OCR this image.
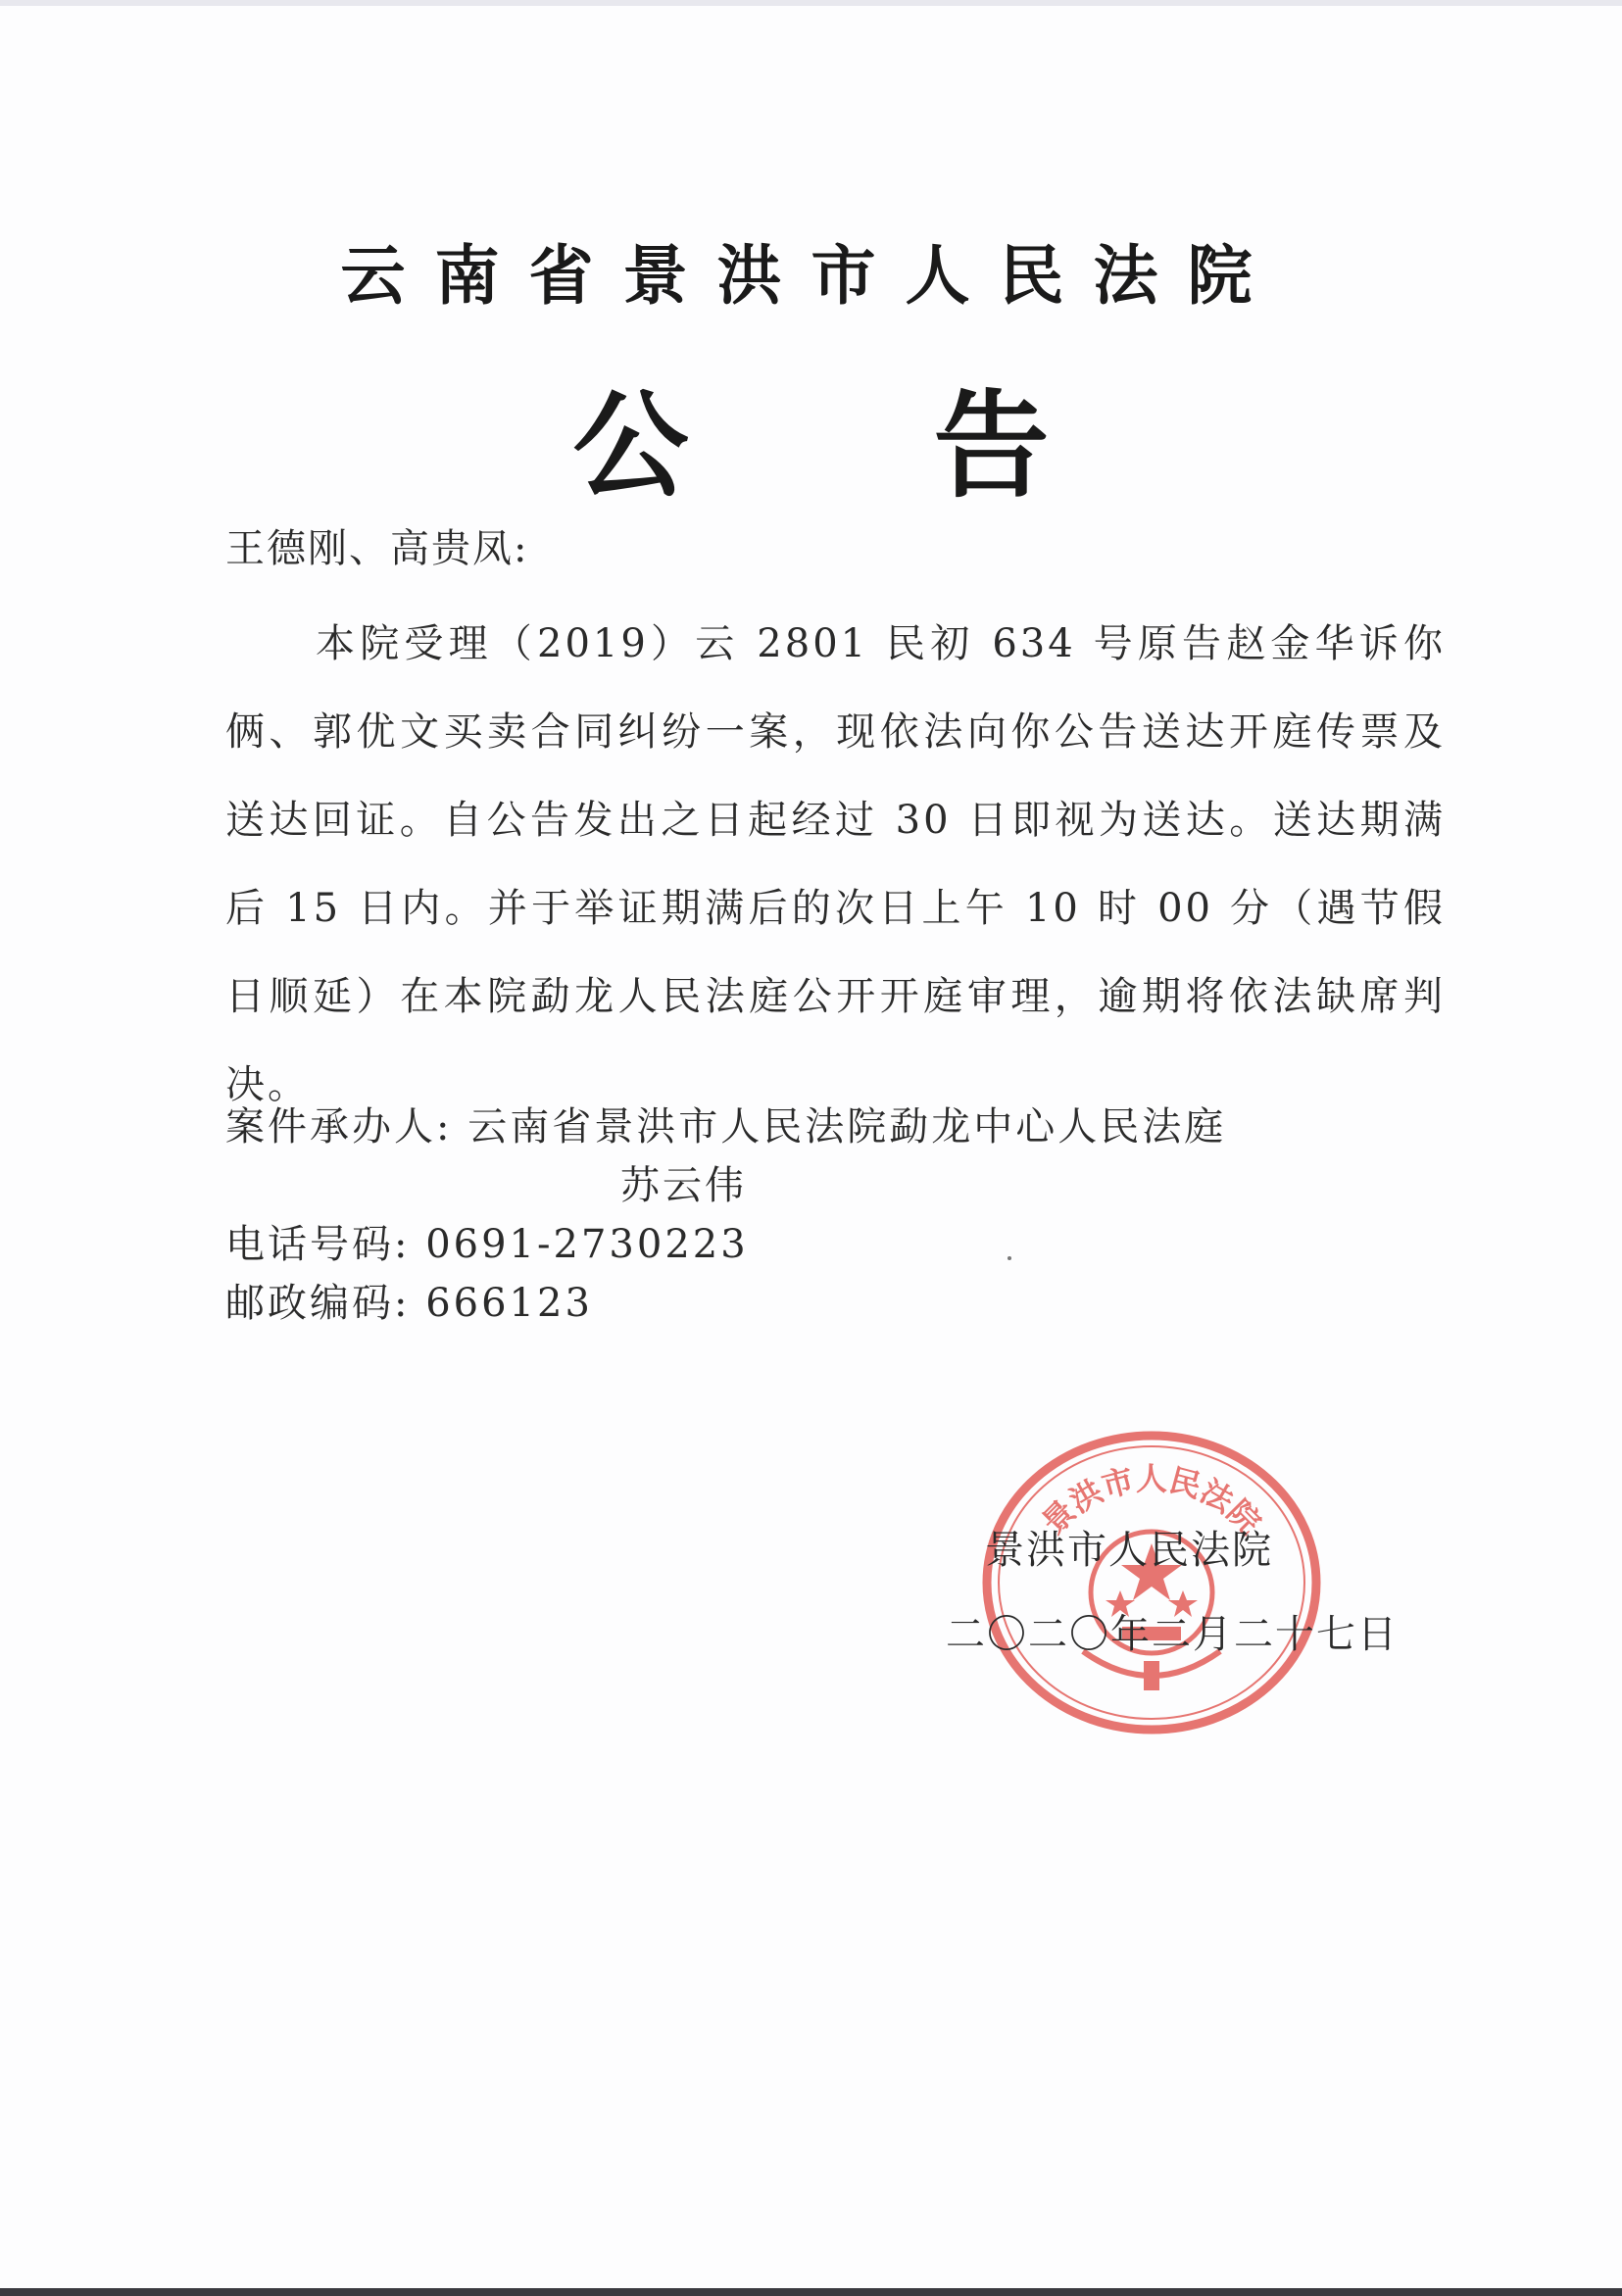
云南省景洪市人民法院
公 告
王德刚、高贵凤:
本院受理（2019）云 2801 民初 634 号原告赵金华诉你俩、郭优文买卖合同纠纷一案，现依法向你公告送达开庭传票及送达回证。自公告发出之日起经过 30 日即视为送达。送达期满后 15 日内。并于举证期满后的次日上午 10 时 00 分（遇节假日顺延）在本院勐龙人民法庭公开开庭审理，逾期将依法缺席判决。
案件承办人: 云南省景洪市人民法院勐龙中心人民法庭
苏云伟
电话号码: 0691-2730223
邮政编码: 666123
景洪市人民法院
景洪市人民法院
二〇二〇年二月二十七日
